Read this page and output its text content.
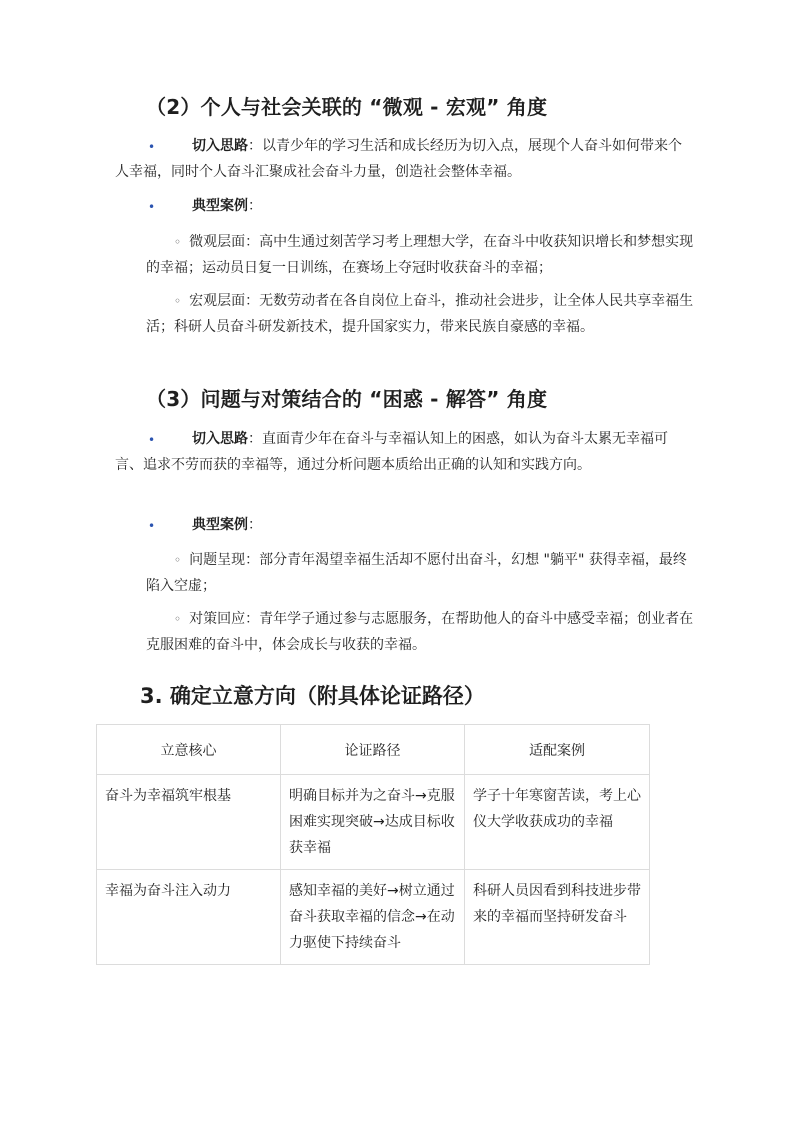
（2）个人与社会关联的 “微观 - 宏观” 角度
•	切入思路：以青少年的学习生活和成长经历为切入点，展现个人奋斗如何带来个人幸福，同时个人奋斗汇聚成社会奋斗力量，创造社会整体幸福。

•	典型案例：

◦ 微观层面：高中生通过刻苦学习考上理想大学，在奋斗中收获知识增长和梦想实现的幸福；运动员日复一日训练，在赛场上夺冠时收获奋斗的幸福；

◦ 宏观层面：无数劳动者在各自岗位上奋斗，推动社会进步，让全体人民共享幸福生活；科研人员奋斗研发新技术，提升国家实力，带来民族自豪感的幸福。

（3）问题与对策结合的 “困惑 - 解答” 角度
•	切入思路：直面青少年在奋斗与幸福认知上的困惑，如认为奋斗太累无幸福可言、追求不劳而获的幸福等，通过分析问题本质给出正确的认知和实践方向。

•	典型案例：

◦ 问题呈现：部分青年渴望幸福生活却不愿付出奋斗，幻想 "躺平" 获得幸福，最终陷入空虚；

◦ 对策回应：青年学子通过参与志愿服务，在帮助他人的奋斗中感受幸福；创业者在克服困难的奋斗中，体会成长与收获的幸福。

3. 确定立意方向（附具体论证路径）
立意核心	论证路径	适配案例
奋斗为幸福筑牢根基	明确目标并为之奋斗→克服困难实现突破→达成目标收获幸福	学子十年寒窗苦读，考上心仪大学收获成功的幸福
幸福为奋斗注入动力	感知幸福的美好→树立通过奋斗获取幸福的信念→在动力驱使下持续奋斗	科研人员因看到科技进步带来的幸福而坚持研发奋斗
